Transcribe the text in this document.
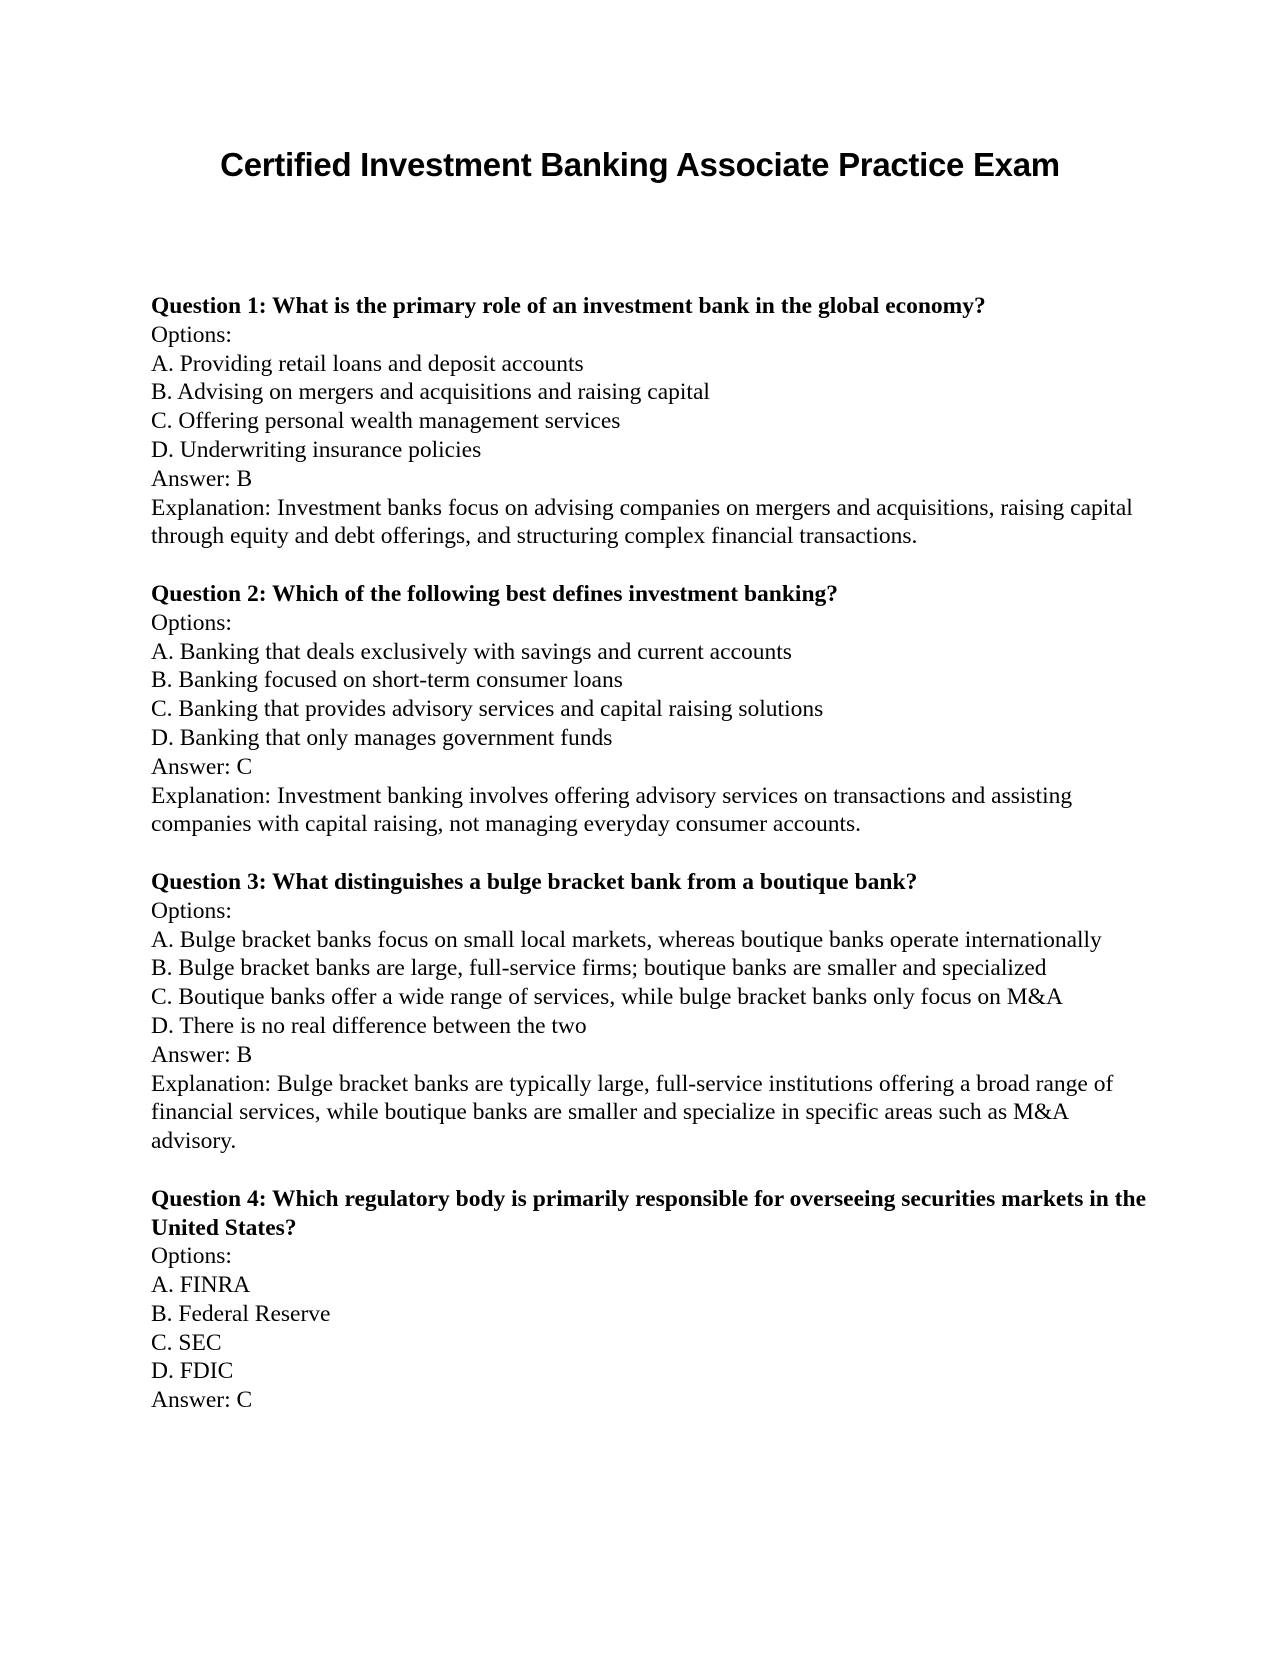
Certified Investment Banking Associate Practice Exam

Question 1: What is the primary role of an investment bank in the global economy?

Options:

A. Providing retail loans and deposit accounts

B. Advising on mergers and acquisitions and raising capital

C. Offering personal wealth management services

D. Underwriting insurance policies

Answer: B

Explanation: Investment banks focus on advising companies on mergers and acquisitions, raising capital through equity and debt offerings, and structuring complex financial transactions.

Question 2: Which of the following best defines investment banking?

Options:

A. Banking that deals exclusively with savings and current accounts

B. Banking focused on short-term consumer loans

C. Banking that provides advisory services and capital raising solutions

D. Banking that only manages government funds

Answer: C

Explanation: Investment banking involves offering advisory services on transactions and assisting companies with capital raising, not managing everyday consumer accounts.

Question 3: What distinguishes a bulge bracket bank from a boutique bank?

Options:

A. Bulge bracket banks focus on small local markets, whereas boutique banks operate internationally

B. Bulge bracket banks are large, full-service firms; boutique banks are smaller and specialized

C. Boutique banks offer a wide range of services, while bulge bracket banks only focus on M&A

D. There is no real difference between the two

Answer: B

Explanation: Bulge bracket banks are typically large, full-service institutions offering a broad range of financial services, while boutique banks are smaller and specialize in specific areas such as M&A advisory.

Question 4: Which regulatory body is primarily responsible for overseeing securities markets in the United States?

Options:

A. FINRA

B. Federal Reserve

C. SEC

D. FDIC

Answer: C
